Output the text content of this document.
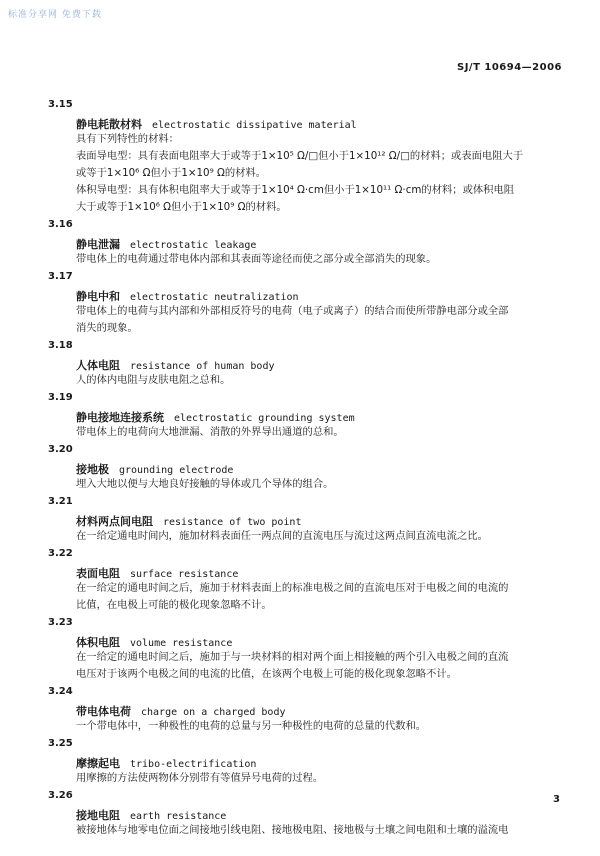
标准分享网 免费下载
SJ/T 10694—2006
3.15
静电耗散材料 electrostatic dissipative material
具有下列特性的材料：
表面导电型：具有表面电阻率大于或等于1×10⁵ Ω/□但小于1×10¹² Ω/□的材料；或表面电阻大于
或等于1×10⁶ Ω但小于1×10⁹ Ω的材料。
体积导电型：具有体积电阻率大于或等于1×10⁴ Ω·cm但小于1×10¹¹ Ω·cm的材料；或体积电阻
大于或等于1×10⁶ Ω但小于1×10⁹ Ω的材料。
3.16
静电泄漏 electrostatic leakage
带电体上的电荷通过带电体内部和其表面等途径而使之部分或全部消失的现象。
3.17
静电中和 electrostatic neutralization
带电体上的电荷与其内部和外部相反符号的电荷（电子或离子）的结合而使所带静电部分或全部
消失的现象。
3.18
人体电阻 resistance of human body
人的体内电阻与皮肤电阻之总和。
3.19
静电接地连接系统 electrostatic grounding system
带电体上的电荷向大地泄漏、消散的外界导出通道的总和。
3.20
接地极 grounding electrode
埋入大地以便与大地良好接触的导体或几个导体的组合。
3.21
材料两点间电阻 resistance of two point
在一给定通电时间内，施加材料表面任一两点间的直流电压与流过这两点间直流电流之比。
3.22
表面电阻 surface resistance
在一给定的通电时间之后，施加于材料表面上的标准电极之间的直流电压对于电极之间的电流的
比值，在电极上可能的极化现象忽略不计。
3.23
体积电阻 volume resistance
在一给定的通电时间之后，施加于与一块材料的相对两个面上相接触的两个引入电极之间的直流
电压对于该两个电极之间的电流的比值，在该两个电极上可能的极化现象忽略不计。
3.24
带电体电荷 charge on a charged body
一个带电体中，一种极性的电荷的总量与另一种极性的电荷的总量的代数和。
3.25
摩擦起电 tribo-electrification
用摩擦的方法使两物体分别带有等值异号电荷的过程。
3.26
接地电阻 earth resistance
被接地体与地零电位面之间接地引线电阻、接地极电阻、接地极与土壤之间电阻和土壤的溢流电
3
